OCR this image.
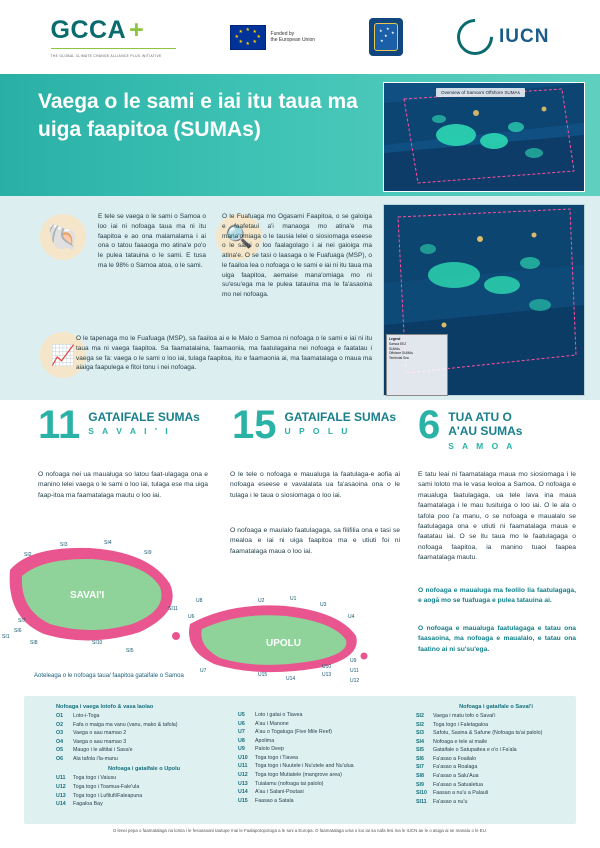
GCCA +
THE GLOBAL CLIMATE CHANGE ALLIANCE PLUS INITIATIVE
★ ★
★
★
★
★
★
★	Funded by
the European Union
★ ★
★
★
★	IUCN
Vaega o le sami e iai itu taua ma uiga faapitoa (SUMAs)
Overview of Samoa's Offshore SUMAs
🐚
E tele se vaega o le sami o Samoa o loo iai ni nofoaga taua ma ni itu faapitoa e ao ona malamalama i ai ona o tatou faaaoga mo atina'e po'o le pulea tatauina o le sami. E tusa ma le 98% o Samoa atoa, o le sami.
🔍
O le Fuafuaga mo Ogasami Faapitoa, o se galoiga e faafetaui a'i manaoga mo atina'e ma mana'omiaga o le tausia lelei o siosiomaga eseese o le sami o loo faalagolago i ai nei gaioiga ma atina'e. O se tasi o laasaga o le Fuafuaga (MSP), o le faailoa lea o nofoaga o le sami e iai ni itu taua ma uiga faapitoa, aemaise mana'omiaga mo ni su'esu'ega ma le pulea tatauina ma le fa'asaoina mo nei nofoaga.
📈
O le tapenaga mo le Fuafuaga (MSP), sa faailoa ai e le Malo o Samoa ni nofoaga o le sami e iai ni itu taua ma ni vaega faapitoa. Sa faamatalaina, faamaonia, ma faatulagaina nei nofoaga e faatatau i vaega se fa: vaega o le sami o loo iai, tulaga faapitoa, itu e faamaonia ai, ma faamatalaga o maua ma aiaiga faapulega e fitoi tonu i nei nofoaga.
Legend
Samoa EEZ
SUMAs
Offshore SUMAs
Territorial Sea
11 GATAIFALE SUMAs
S A V A I ' I	15 GATAIFALE SUMAs
U P O L U	6 TUA ATU O A'AU SUMAs
S A M O A
O nofoaga nei ua maualuga so latou faat-ulagaga ona e manino lelei vaega o le sami o loo iai, tulaga ese ma uiga faap-itoa ma faamatalaga mautu o loo iai.
O le tele o nofoaga e maualuga la faatulaga-e aofia ai nofoaga eseese e vavalalata ua fa'asaoina ona o le tulaga i le taua o siosiomaga o loo iai.
O nofoaga e maulalo faatulagaga, sa filifilia ona e tasi se mealoa e iai ni uiga faapitoa ma e utiuti foi ni faamatalaga maua o loo iai.
E tatu leai ni faamatalaga maua mo siosiomaga i le sami loloto ma le vasa leoloa a Samoa. O nofoaga e maualuga faatulagaga, ua tele lava ina maua faamatalaga i le mau tusituiga o loo iai. O le ala o tafola poo i'a manu, o se nofoaga e maualalo se faatulagaga ona e utiuti ni faamatalaga maua e faatatau iai. O se itu taua mo le faatulagaga o nofoaga faapitoa, ia manino tuaoi faapea faamatalaga mautu.
O nofoaga e maualuga ma feolilo lia faatulagaga, e aogā mo se fuafuaga e pulea tatauina ai.
O nofoaga e maualuga faatulagaga e tatau ona faasaoina, ma nofoaga e maualalo, e tatau ona faatino ai ni su'su'ega.
SAVAI'I
UPOLU
SI1
SI2
SI3	SI4
SI9
SI7
SI6
SI8	SI10
SI5
SI11
U8	U2	U1
U3
U4
U6
U7
U15
U14
U10
U13
U9
U11
U12
Aoteleaga o le nofoaga taua/ faapitoa gataifale o Samoa
Nofoaga i vaega lotofo & vasa laolao
O1 Loto-i-Toga
O2 Fafa o maiga ma vanu (vanu, mako & tafola)
O3 Vaega o aau mamao 2
O4 Vaega o aau mamao 3
O5 Maugo i le alititai i Sasa'e
O6 Ala tafola i'la-manu
Nofoaga i gataifale o Upolu
U11 Toga togo i Vaiusu
U12 Toga togo i Toamua-Fale'ula
U13 Toga togo i Lufilufi/Faleapuna
U14 Fagaloa Bay
U5 Loto i gatai o Tiavea
U6 A'au i Manone
U7 A'au o Togatuga (Five Mile Reef)
U8 Apolima
U9 Palolo Deep
U10 Toga togo i Tiavea
U11 Toga togo i Nuutele i Nu'utele and Nu'ulua
U12 Toga togo Mutiatele (mangrove area)
U13 Tuialamu (nofoaga tai palolo)
U14 A'au i Salani-Poutasi
U15 Faasao a Satala
Nofoaga i gataifale o Savai'i
SI2 Vaega i matu tofo o Savai'i
SI2 Toga togo i Faletagaloa
SI3 Safotu, Sasina & Safune (Nofoaga ta'ai palolo)
SI4 Nofoaga e tele ai maile
SI5 Gataifale o Satupaitea e o'o i Fa'ala
SI6 Fa'asao a Foailalo
SI7 Fa'asao a Roalaga
SI8 Fa'asao a Salu'Aua
SI9 Fa'asao a Satualetua
SI10 Faasao a nu'u a Palauli
SI11 Fa'asao a nu'u
O lenei pepa o faamatalaga na lomia i le fesoasoani tautupe mai le Faalapotopotoga a le Iuni a Europa. O faamatalaga uma o loo iai sa nafa lesi ma le IUCN ae le o atuga ai se manatu o le EU.
